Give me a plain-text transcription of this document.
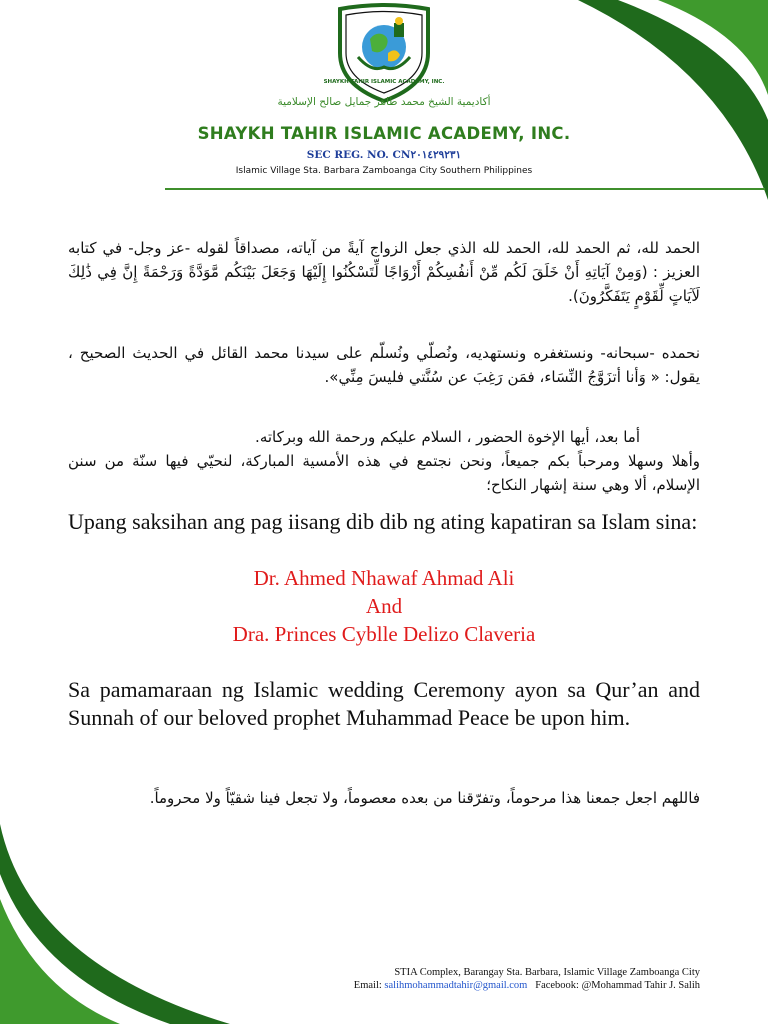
SHAYKH TAHIR ISLAMIC ACADEMY, INC.
أكاديمية الشيخ محمد طاهر جمايل صالح الإسلامية
SHAYKH TAHIR ISLAMIC ACADEMY, INC.
SEC REG. NO. CN٢٠١٤٢٩٢٣١
Islamic Village Sta. Barbara Zamboanga City Southern Philippines
الحمد لله، ثم الحمد لله، الحمد لله الذي جعل الزواج آيةً من آياته، مصداقاً لقوله -عز وجل- في كتابه العزيز : (وَمِنْ آيَاتِهِ أَنْ خَلَقَ لَكُم مِّنْ أَنفُسِكُمْ أَزْوَاجًا لِّتَسْكُنُوا إِلَيْهَا وَجَعَلَ بَيْنَكُم مَّوَدَّةً وَرَحْمَةً إِنَّ فِي ذَٰلِكَ لَآيَاتٍ لِّقَوْمٍ يَتَفَكَّرُونَ).
نحمده -سبحانه- ونستغفره ونستهديه، ونُصلّي ونُسلّم على سيدنا محمد القائل في الحديث الصحيح ، يقول: « وَأنا أتزَوَّجُ النِّسَاء، فمَن رَغِبَ عن سُنَّتي فليسَ مِنِّي».
أما بعد، أيها الإخوة الحضور ، السلام عليكم ورحمة الله وبركاته.
وأهلا وسهلا ومرحباً بكم جميعاً، ونحن نجتمع في هذه الأمسية المباركة، لنحيّي فيها سنّة من سنن الإسلام، ألا وهي سنة إشهار النكاح؛
Upang saksihan ang pag iisang dib dib ng ating kapatiran sa Islam sina:
Dr. Ahmed Nhawaf Ahmad Ali
And
Dra. Princes Cybllе Delizo Claveria
Sa pamamaraan ng Islamic wedding Ceremony ayon sa Qur’an and Sunnah of our beloved prophet Muhammad Peace be upon him.
فاللهم اجعل جمعنا هذا مرحوماً، وتفرّقنا من بعده معصوماً، ولا تجعل فينا شقيّاً ولا محروماً.
STIA Complex, Barangay Sta. Barbara, Islamic Village Zamboanga City
Email: salihmohammadtahir@gmail.com Facebook: @Mohammad Tahir J. Salih
